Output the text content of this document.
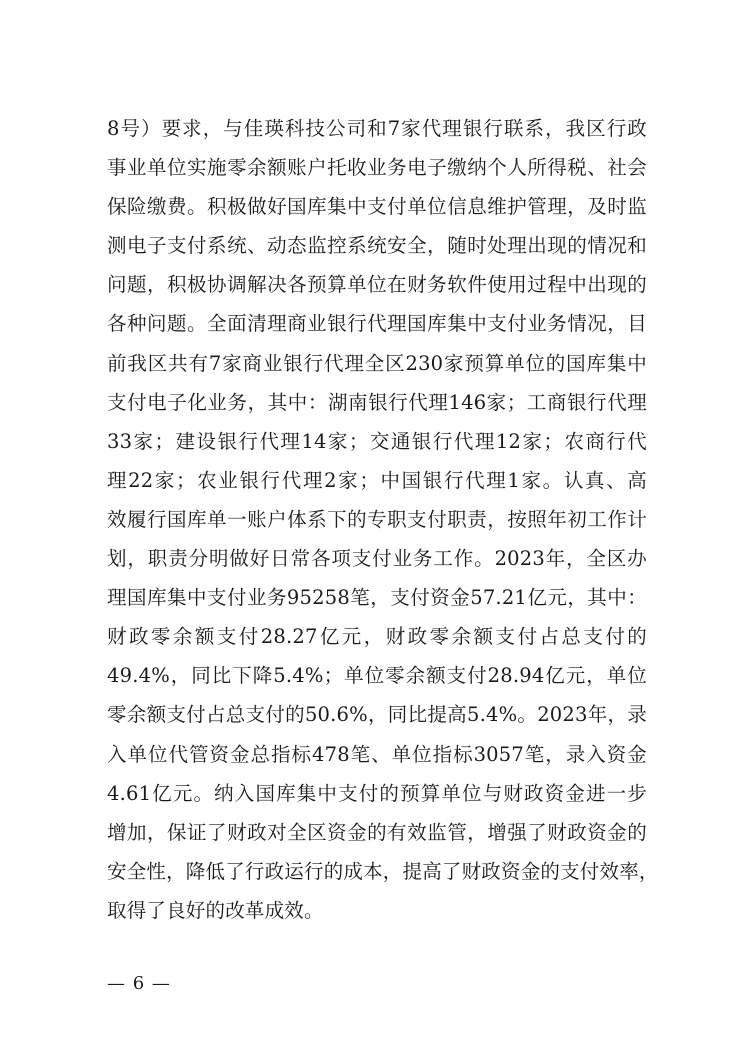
8号）要求，与佳瑛科技公司和7家代理银行联系，我区行政
事业单位实施零余额账户托收业务电子缴纳个人所得税、社会
保险缴费。积极做好国库集中支付单位信息维护管理，及时监
测电子支付系统、动态监控系统安全，随时处理出现的情况和
问题，积极协调解决各预算单位在财务软件使用过程中出现的
各种问题。全面清理商业银行代理国库集中支付业务情况，目
前我区共有7家商业银行代理全区230家预算单位的国库集中
支付电子化业务，其中：湖南银行代理146家；工商银行代理
33家；建设银行代理14家；交通银行代理12家；农商行代
理22家；农业银行代理2家；中国银行代理1家。认真、高
效履行国库单一账户体系下的专职支付职责，按照年初工作计
划，职责分明做好日常各项支付业务工作。2023年，全区办
理国库集中支付业务95258笔，支付资金57.21亿元，其中：
财政零余额支付28.27亿元，财政零余额支付占总支付的
49.4%，同比下降5.4%；单位零余额支付28.94亿元，单位
零余额支付占总支付的50.6%，同比提高5.4%。2023年，录
入单位代管资金总指标478笔、单位指标3057笔，录入资金
4.61亿元。纳入国库集中支付的预算单位与财政资金进一步
增加，保证了财政对全区资金的有效监管，增强了财政资金的
安全性，降低了行政运行的成本，提高了财政资金的支付效率，
取得了良好的改革成效。
— 6 —
